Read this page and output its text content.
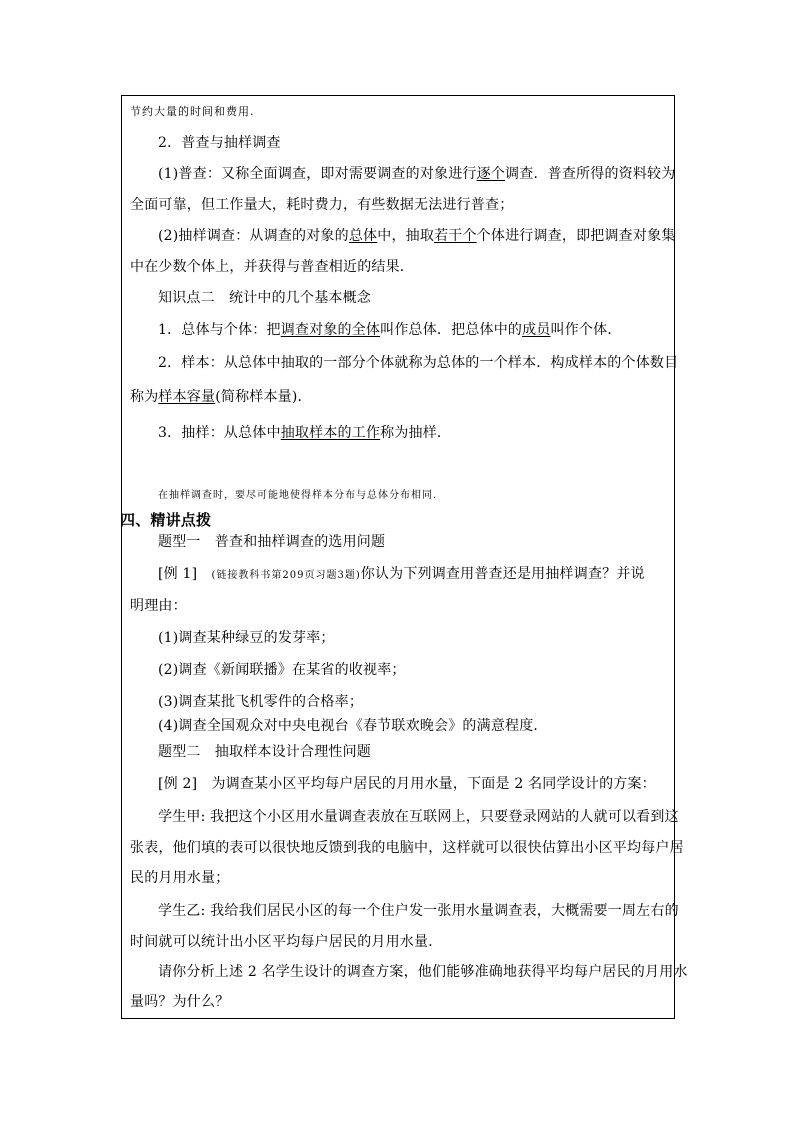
节约大量的时间和费用.
2．普查与抽样调查
(1)普查：又称全面调查，即对需要调查的对象进行逐个调查．普查所得的资料较为
全面可靠，但工作量大，耗时费力，有些数据无法进行普查；
(2)抽样调查：从调查的对象的总体中，抽取若干个个体进行调查，即把调查对象集
中在少数个体上，并获得与普查相近的结果．
知识点二　统计中的几个基本概念
1．总体与个体：把调查对象的全体叫作总体．把总体中的成员叫作个体．
2．样本：从总体中抽取的一部分个体就称为总体的一个样本．构成样本的个体数目
称为样本容量(简称样本量)．
3．抽样：从总体中抽取样本的工作称为抽样．
在抽样调查时，要尽可能地使得样本分布与总体分布相同.
四、精讲点拨
题型一　普查和抽样调查的选用问题
[例 1]　(链接教科书第209页习题3题)你认为下列调查用普查还是用抽样调查？并说
明理由：
(1)调查某种绿豆的发芽率；
(2)调查《新闻联播》在某省的收视率；
(3)调查某批飞机零件的合格率；
(4)调查全国观众对中央电视台《春节联欢晚会》的满意程度．
题型二　抽取样本设计合理性问题
[例 2]　为调查某小区平均每户居民的月用水量，下面是 2 名同学设计的方案：
学生甲: 我把这个小区用水量调查表放在互联网上，只要登录网站的人就可以看到这
张表，他们填的表可以很快地反馈到我的电脑中，这样就可以很快估算出小区平均每户居
民的月用水量；
学生乙: 我给我们居民小区的每一个住户发一张用水量调查表，大概需要一周左右的
时间就可以统计出小区平均每户居民的月用水量．
请你分析上述 2 名学生设计的调查方案，他们能够准确地获得平均每户居民的月用水
量吗？为什么？
